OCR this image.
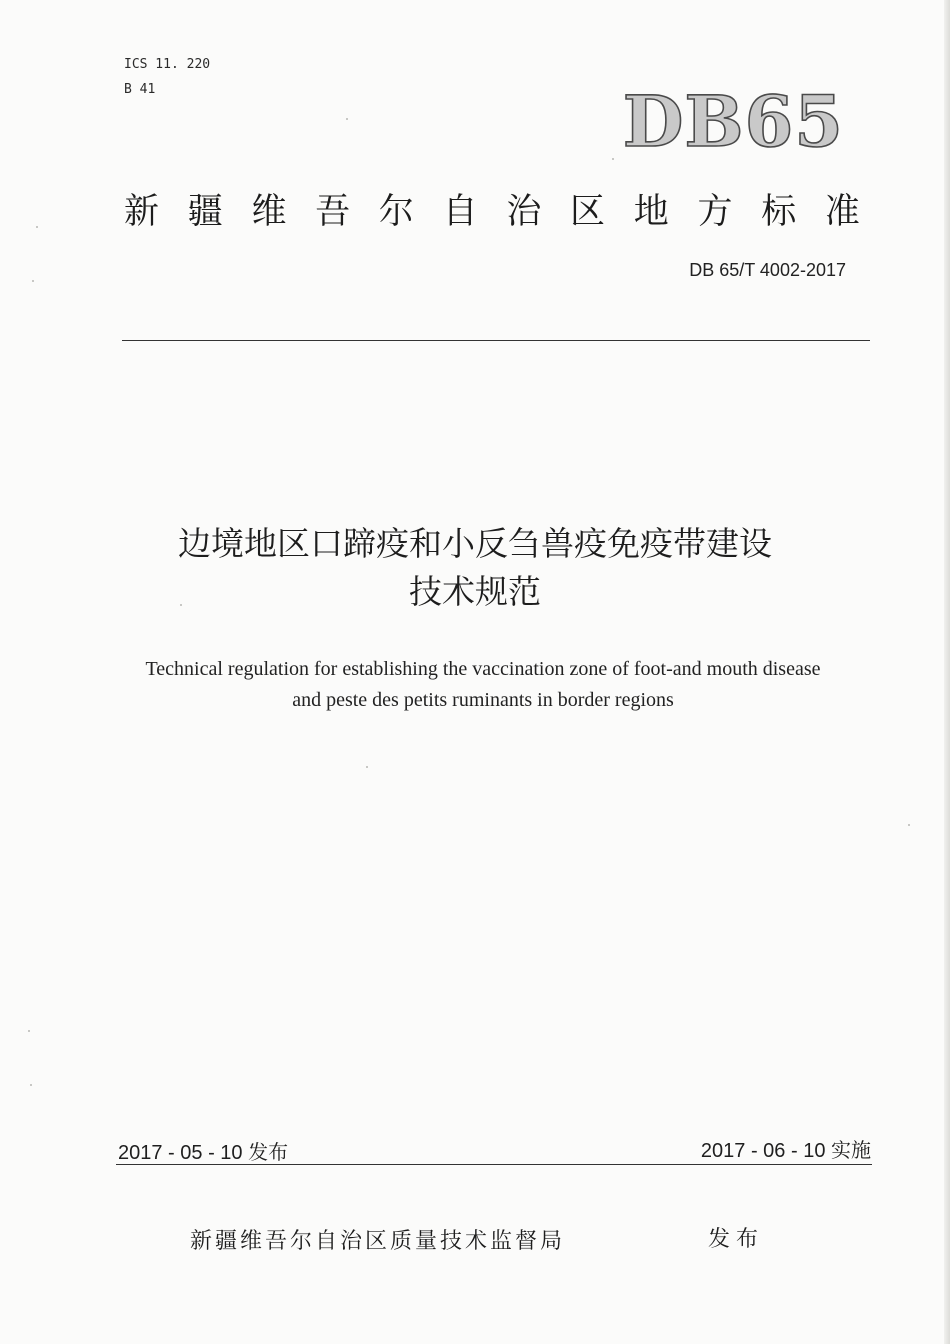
ICS 11. 220
B 41	DB65
新 疆 维 吾 尔 自 治 区 地 方 标 准
DB 65/T 4002-2017
边境地区口蹄疫和小反刍兽疫免疫带建设
技术规范
Technical regulation for establishing the vaccination zone of foot-and mouth disease
and peste des petits ruminants in border regions
2017 - 05 - 10 发布	2017 - 06 - 10 实施
新疆维吾尔自治区质量技术监督局	发布
